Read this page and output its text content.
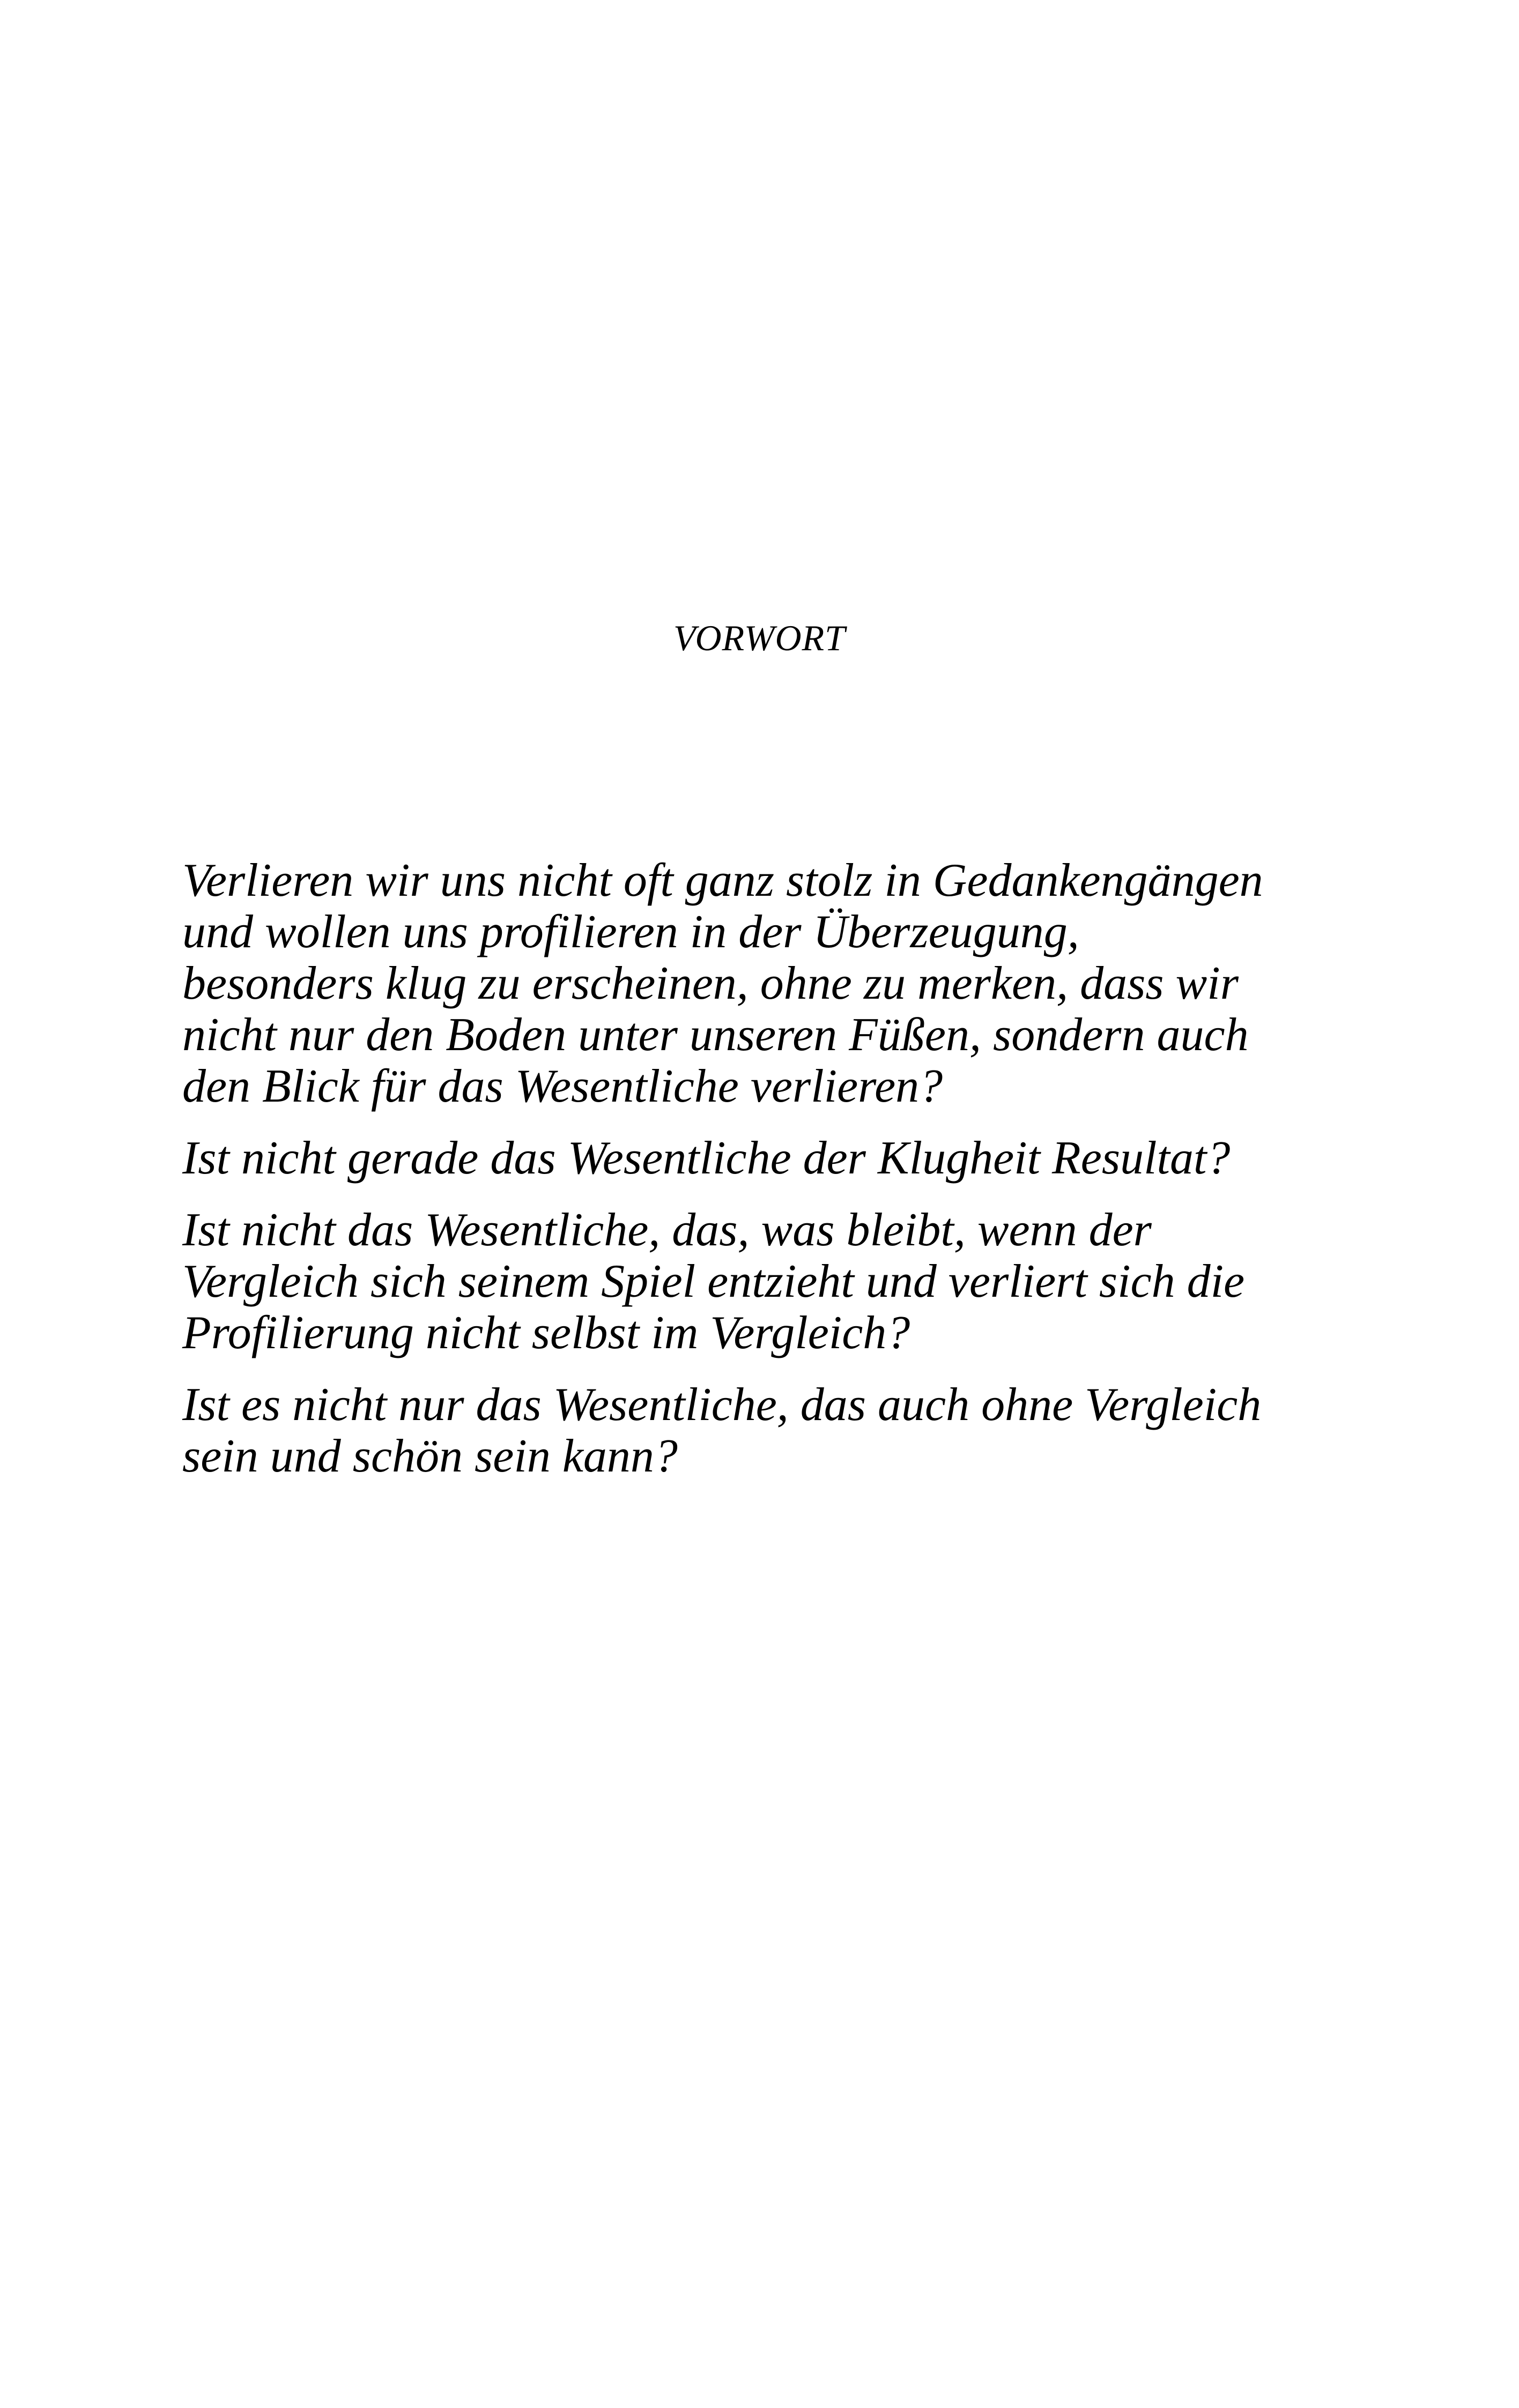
VORWORT

Verlieren wir uns nicht oft ganz stolz in Gedankengängen
und wollen uns profilieren in der Überzeugung,
besonders klug zu erscheinen, ohne zu merken, dass wir
nicht nur den Boden unter unseren Füßen, sondern auch
den Blick für das Wesentliche verlieren?

Ist nicht gerade das Wesentliche der Klugheit Resultat?

Ist nicht das Wesentliche, das, was bleibt, wenn der
Vergleich sich seinem Spiel entzieht und verliert sich die
Profilierung nicht selbst im Vergleich?

Ist es nicht nur das Wesentliche, das auch ohne Vergleich
sein und schön sein kann?
